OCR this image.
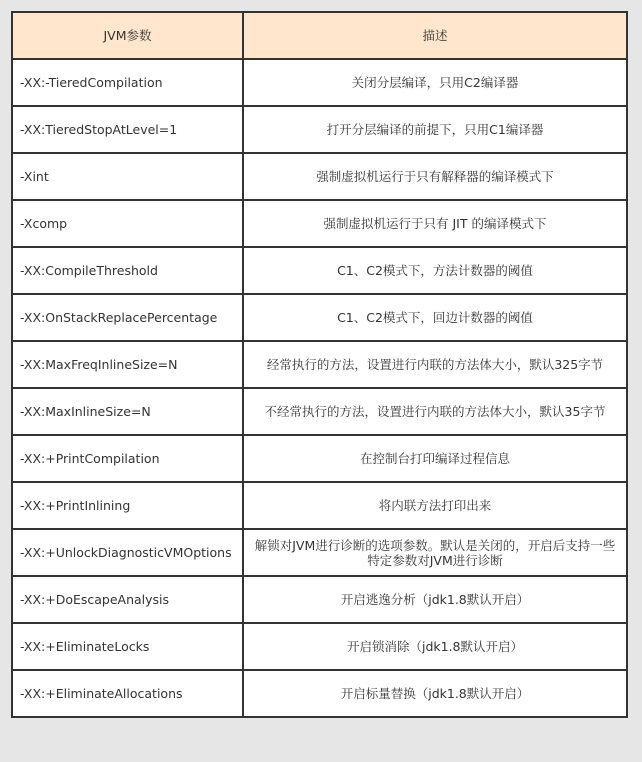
JVM参数	描述
-XX:-TieredCompilation	关闭分层编译，只用C2编译器
-XX:TieredStopAtLevel=1	打开分层编译的前提下，只用C1编译器
-Xint	强制虚拟机运行于只有解释器的编译模式下
-Xcomp	强制虚拟机运行于只有 JIT 的编译模式下
-XX:CompileThreshold	C1、C2模式下，方法计数器的阈值
-XX:OnStackReplacePercentage	C1、C2模式下，回边计数器的阈值
-XX:MaxFreqInlineSize=N	经常执行的方法，设置进行内联的方法体大小，默认325字节
-XX:MaxInlineSize=N	不经常执行的方法，设置进行内联的方法体大小，默认35字节
-XX:+PrintCompilation	在控制台打印编译过程信息
-XX:+PrintInlining	将内联方法打印出来
-XX:+UnlockDiagnosticVMOptions	解锁对JVM进行诊断的选项参数。默认是关闭的，开启后支持一些特定参数对JVM进行诊断
-XX:+DoEscapeAnalysis	开启逃逸分析（jdk1.8默认开启）
-XX:+EliminateLocks	开启锁消除（jdk1.8默认开启）
-XX:+EliminateAllocations	开启标量替换（jdk1.8默认开启）
